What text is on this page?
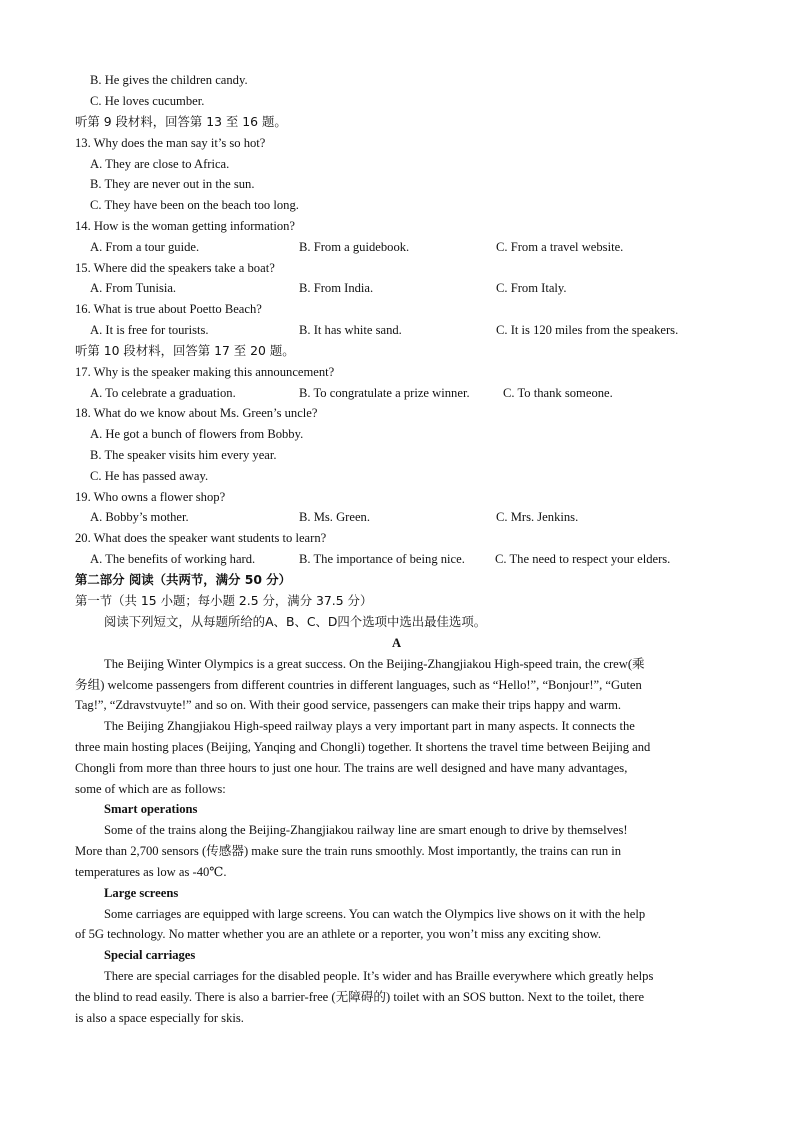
B. He gives the children candy.
C. He loves cucumber.
听第 9 段材料，回答第 13 至 16 题。
13. Why does the man say it’s so hot?
A. They are close to Africa.
B. They are never out in the sun.
C. They have been on the beach too long.
14. How is the woman getting information?
A. From a tour guide.	B. From a guidebook.	C. From a travel website.
15. Where did the speakers take a boat?
A. From Tunisia.	B. From India.	C. From Italy.
16. What is true about Poetto Beach?
A. It is free for tourists.	B. It has white sand.	C. It is 120 miles from the speakers.
听第 10 段材料，回答第 17 至 20 题。
17. Why is the speaker making this announcement?
A. To celebrate a graduation.	B. To congratulate a prize winner.	C. To thank someone.
18. What do we know about Ms. Green’s uncle?
A. He got a bunch of flowers from Bobby.
B. The speaker visits him every year.
C. He has passed away.
19. Who owns a flower shop?
A. Bobby’s mother.	B. Ms. Green.	C. Mrs. Jenkins.
20. What does the speaker want students to learn?
A. The benefits of working hard.	B. The importance of being nice. C. The need to respect your elders.
第二部分 阅读（共两节，满分 50 分）
第一节（共 15 小题；每小题 2.5 分，满分 37.5 分）
阅读下列短文，从每题所给的A、B、C、D四个选项中选出最佳选项。
A
The Beijing Winter Olympics is a great success. On the Beijing-Zhangjiakou High-speed train, the crew(乘
务组) welcome passengers from different countries in different languages, such as “Hello!”, “Bonjour!”, “Guten
Tag!”, “Zdravstvuyte!” and so on. With their good service, passengers can make their trips happy and warm.
The Beijing Zhangjiakou High-speed railway plays a very important part in many aspects. It connects the
three main hosting places (Beijing, Yanqing and Chongli) together. It shortens the travel time between Beijing and
Chongli from more than three hours to just one hour. The trains are well designed and have many advantages,
some of which are as follows:
Smart operations
Some of the trains along the Beijing-Zhangjiakou railway line are smart enough to drive by themselves!
More than 2,700 sensors (传感器) make sure the train runs smoothly. Most importantly, the trains can run in
temperatures as low as -40℃.
Large screens
Some carriages are equipped with large screens. You can watch the Olympics live shows on it with the help
of 5G technology. No matter whether you are an athlete or a reporter, you won’t miss any exciting show.
Special carriages
There are special carriages for the disabled people. It’s wider and has Braille everywhere which greatly helps
the blind to read easily. There is also a barrier-free (无障碍的) toilet with an SOS button. Next to the toilet, there
is also a space especially for skis.
